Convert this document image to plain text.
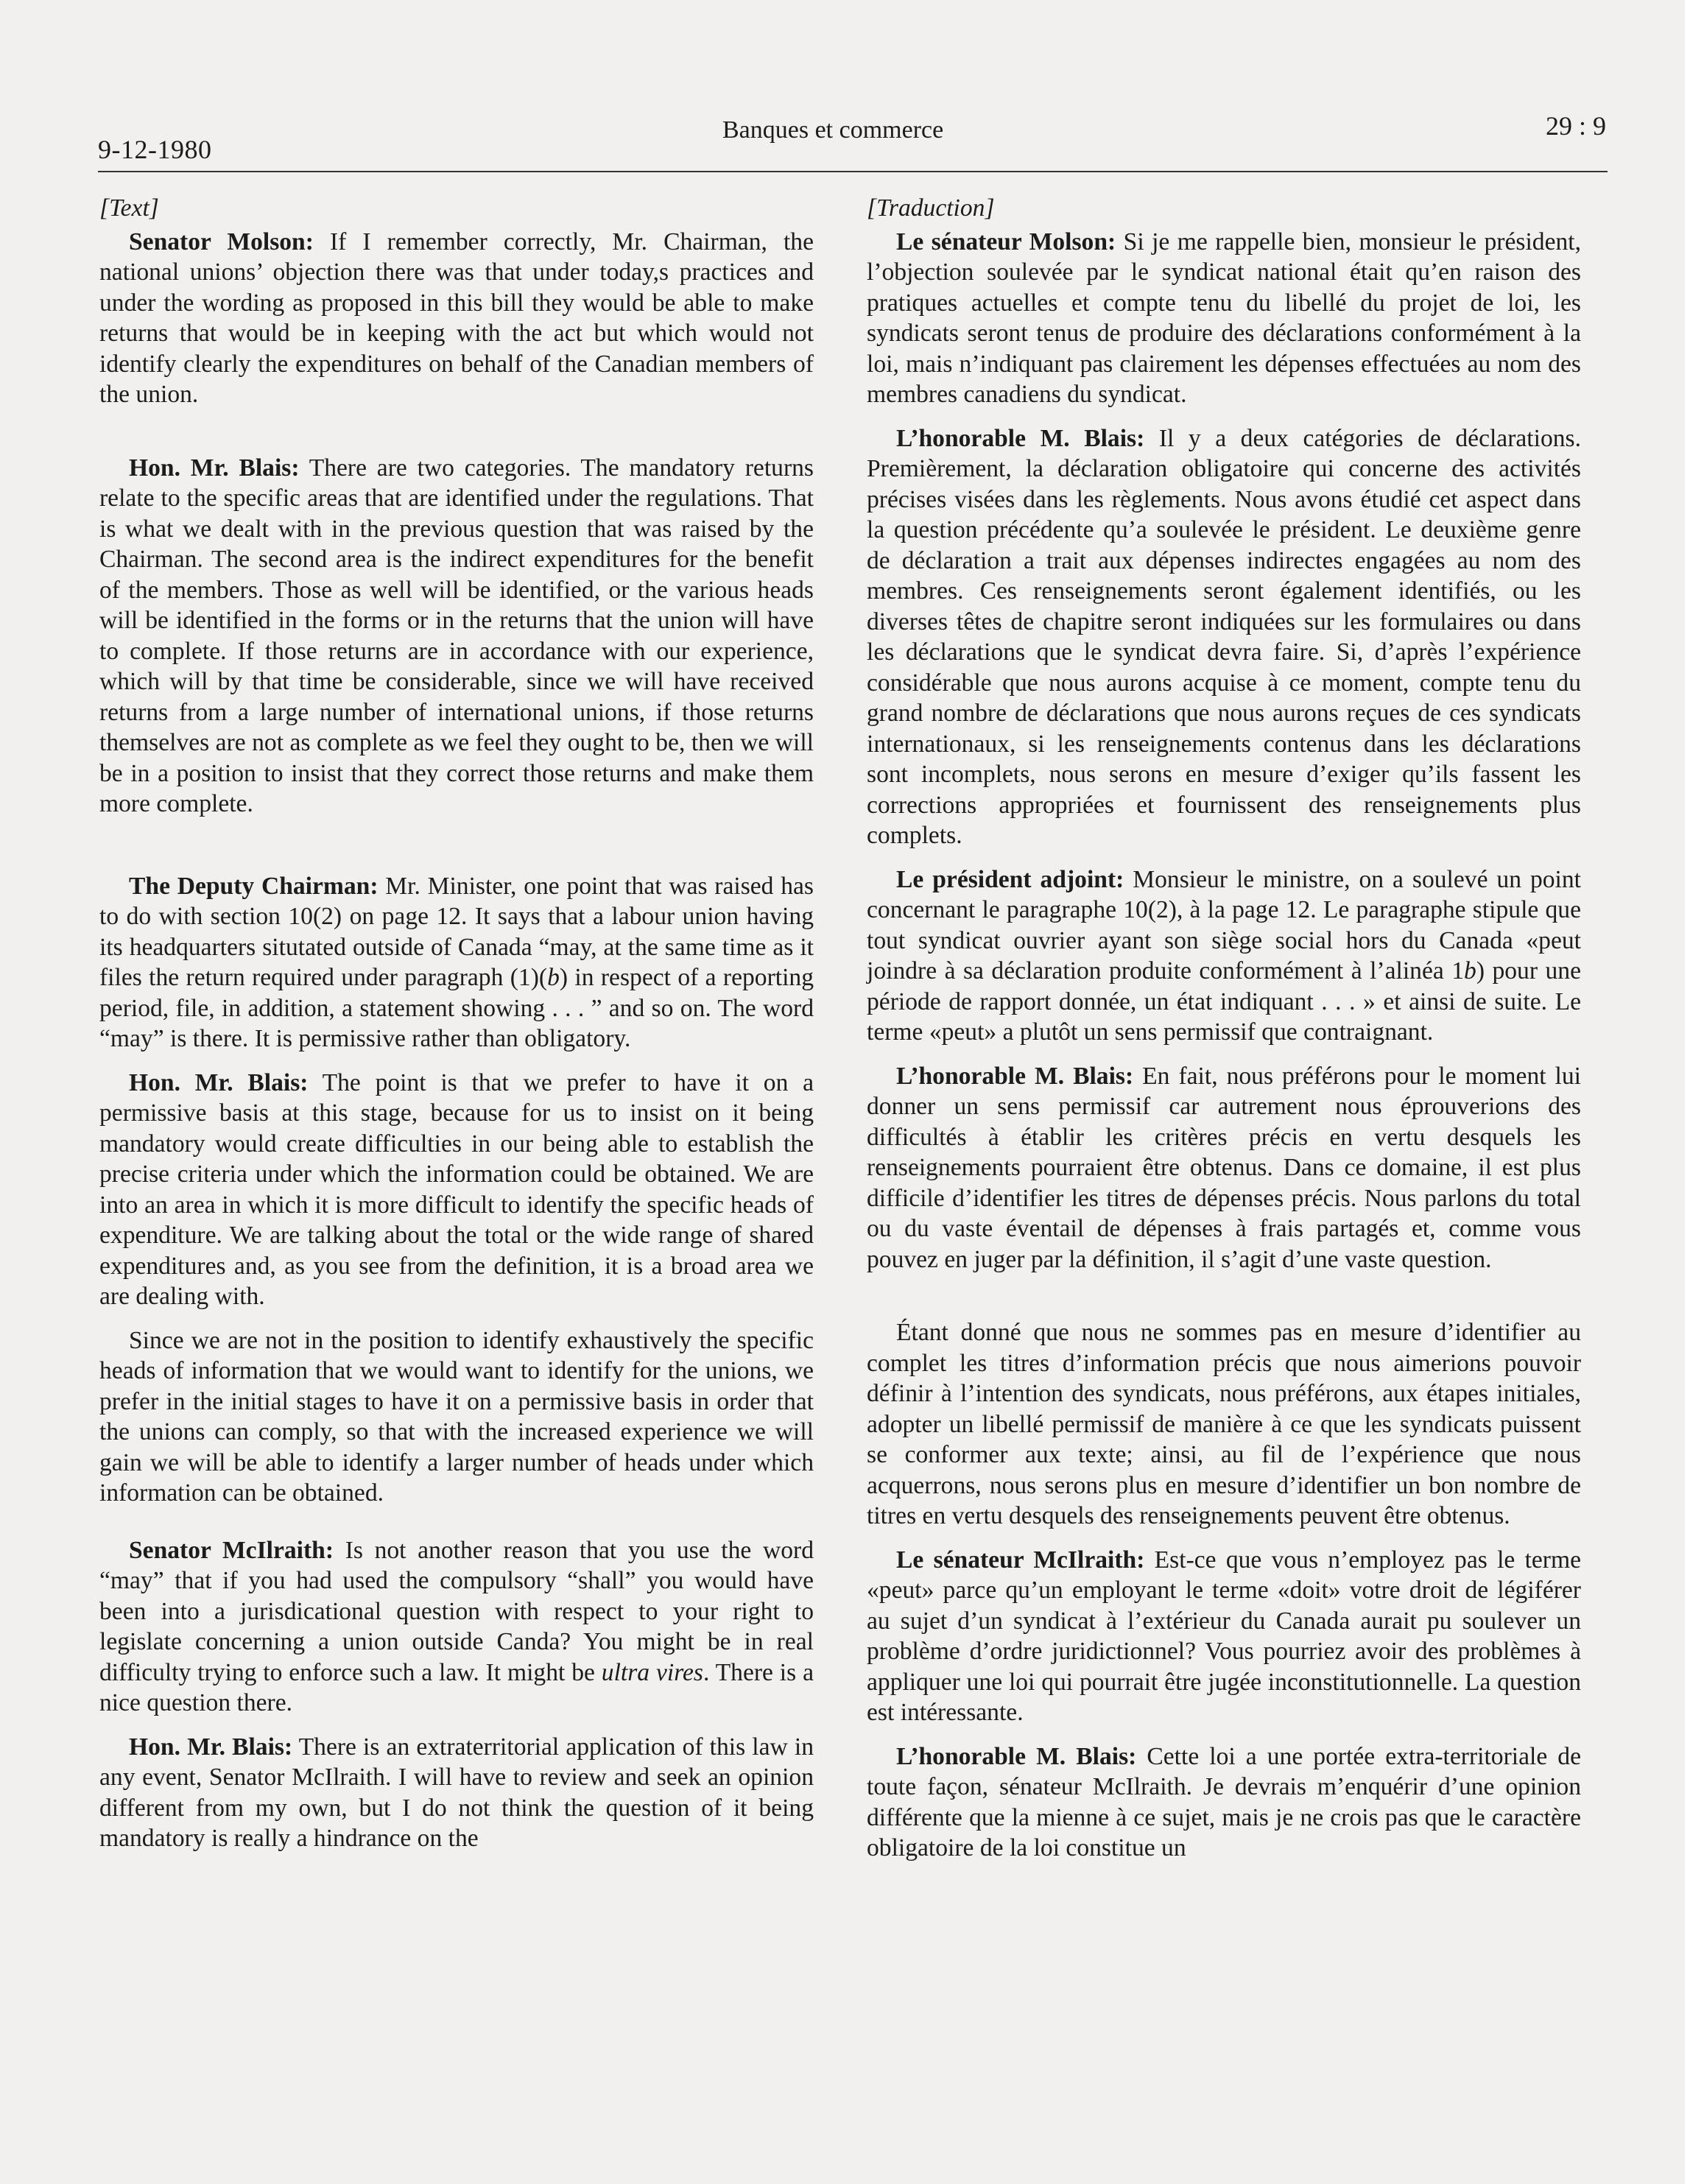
9-12-1980
Banques et commerce	29 : 9

[Text]

Senator Molson: If I remember correctly, Mr. Chairman, the national unions’ objection there was that under today,s practices and under the wording as proposed in this bill they would be able to make returns that would be in keeping with the act but which would not identify clearly the expenditures on behalf of the Canadian members of the union.

Hon. Mr. Blais: There are two categories. The mandatory returns relate to the specific areas that are identified under the regulations. That is what we dealt with in the previous question that was raised by the Chairman. The second area is the indirect expenditures for the benefit of the members. Those as well will be identified, or the various heads will be identified in the forms or in the returns that the union will have to complete. If those returns are in accordance with our experience, which will by that time be considerable, since we will have received returns from a large number of international unions, if those returns themselves are not as complete as we feel they ought to be, then we will be in a position to insist that they correct those returns and make them more complete.

The Deputy Chairman: Mr. Minister, one point that was raised has to do with section 10(2) on page 12. It says that a labour union having its headquarters situtated outside of Canada “may, at the same time as it files the return required under paragraph (1)(b) in respect of a reporting period, file, in addition, a statement showing . . . ” and so on. The word “may” is there. It is permissive rather than obligatory.

Hon. Mr. Blais: The point is that we prefer to have it on a permissive basis at this stage, because for us to insist on it being mandatory would create difficulties in our being able to establish the precise criteria under which the information could be obtained. We are into an area in which it is more difficult to identify the specific heads of expenditure. We are talking about the total or the wide range of shared expenditures and, as you see from the definition, it is a broad area we are dealing with.

Since we are not in the position to identify exhaustively the specific heads of information that we would want to identify for the unions, we prefer in the initial stages to have it on a permissive basis in order that the unions can comply, so that with the increased experience we will gain we will be able to identify a larger number of heads under which information can be obtained.

Senator McIlraith: Is not another reason that you use the word “may” that if you had used the compulsory “shall” you would have been into a jurisdicational question with respect to your right to legislate concerning a union outside Canda? You might be in real difficulty trying to enforce such a law. It might be ultra vires. There is a nice question there.

Hon. Mr. Blais: There is an extraterritorial application of this law in any event, Senator McIlraith. I will have to review and seek an opinion different from my own, but I do not think the question of it being mandatory is really a hindrance on the

[Traduction]

Le sénateur Molson: Si je me rappelle bien, monsieur le président, l’objection soulevée par le syndicat national était qu’en raison des pratiques actuelles et compte tenu du libellé du projet de loi, les syndicats seront tenus de produire des déclarations conformément à la loi, mais n’indiquant pas clairement les dépenses effectuées au nom des membres canadiens du syndicat.

L’honorable M. Blais: Il y a deux catégories de déclarations. Premièrement, la déclaration obligatoire qui concerne des activités précises visées dans les règlements. Nous avons étudié cet aspect dans la question précédente qu’a soulevée le président. Le deuxième genre de déclaration a trait aux dépenses indirectes engagées au nom des membres. Ces renseignements seront également identifiés, ou les diverses têtes de chapitre seront indiquées sur les formulaires ou dans les déclarations que le syndicat devra faire. Si, d’après l’expérience considérable que nous aurons acquise à ce moment, compte tenu du grand nombre de déclarations que nous aurons reçues de ces syndicats internationaux, si les renseignements contenus dans les déclarations sont incomplets, nous serons en mesure d’exiger qu’ils fassent les corrections appropriées et fournissent des renseignements plus complets.

Le président adjoint: Monsieur le ministre, on a soulevé un point concernant le paragraphe 10(2), à la page 12. Le paragraphe stipule que tout syndicat ouvrier ayant son siège social hors du Canada «peut joindre à sa déclaration produite conformément à l’alinéa 1b) pour une période de rapport donnée, un état indiquant . . . » et ainsi de suite. Le terme «peut» a plutôt un sens permissif que contraignant.

L’honorable M. Blais: En fait, nous préférons pour le moment lui donner un sens permissif car autrement nous éprouverions des difficultés à établir les critères précis en vertu desquels les renseignements pourraient être obtenus. Dans ce domaine, il est plus difficile d’identifier les titres de dépenses précis. Nous parlons du total ou du vaste éventail de dépenses à frais partagés et, comme vous pouvez en juger par la définition, il s’agit d’une vaste question.

Étant donné que nous ne sommes pas en mesure d’identifier au complet les titres d’information précis que nous aimerions pouvoir définir à l’intention des syndicats, nous préférons, aux étapes initiales, adopter un libellé permissif de manière à ce que les syndicats puissent se conformer aux texte; ainsi, au fil de l’expérience que nous acquerrons, nous serons plus en mesure d’identifier un bon nombre de titres en vertu desquels des renseignements peuvent être obtenus.

Le sénateur McIlraith: Est-ce que vous n’employez pas le terme «peut» parce qu’un employant le terme «doit» votre droit de légiférer au sujet d’un syndicat à l’extérieur du Canada aurait pu soulever un problème d’ordre juridictionnel? Vous pourriez avoir des problèmes à appliquer une loi qui pourrait être jugée inconstitutionnelle. La question est intéressante.

L’honorable M. Blais: Cette loi a une portée extra-territoriale de toute façon, sénateur McIlraith. Je devrais m’enquérir d’une opinion différente que la mienne à ce sujet, mais je ne crois pas que le caractère obligatoire de la loi constitue un
